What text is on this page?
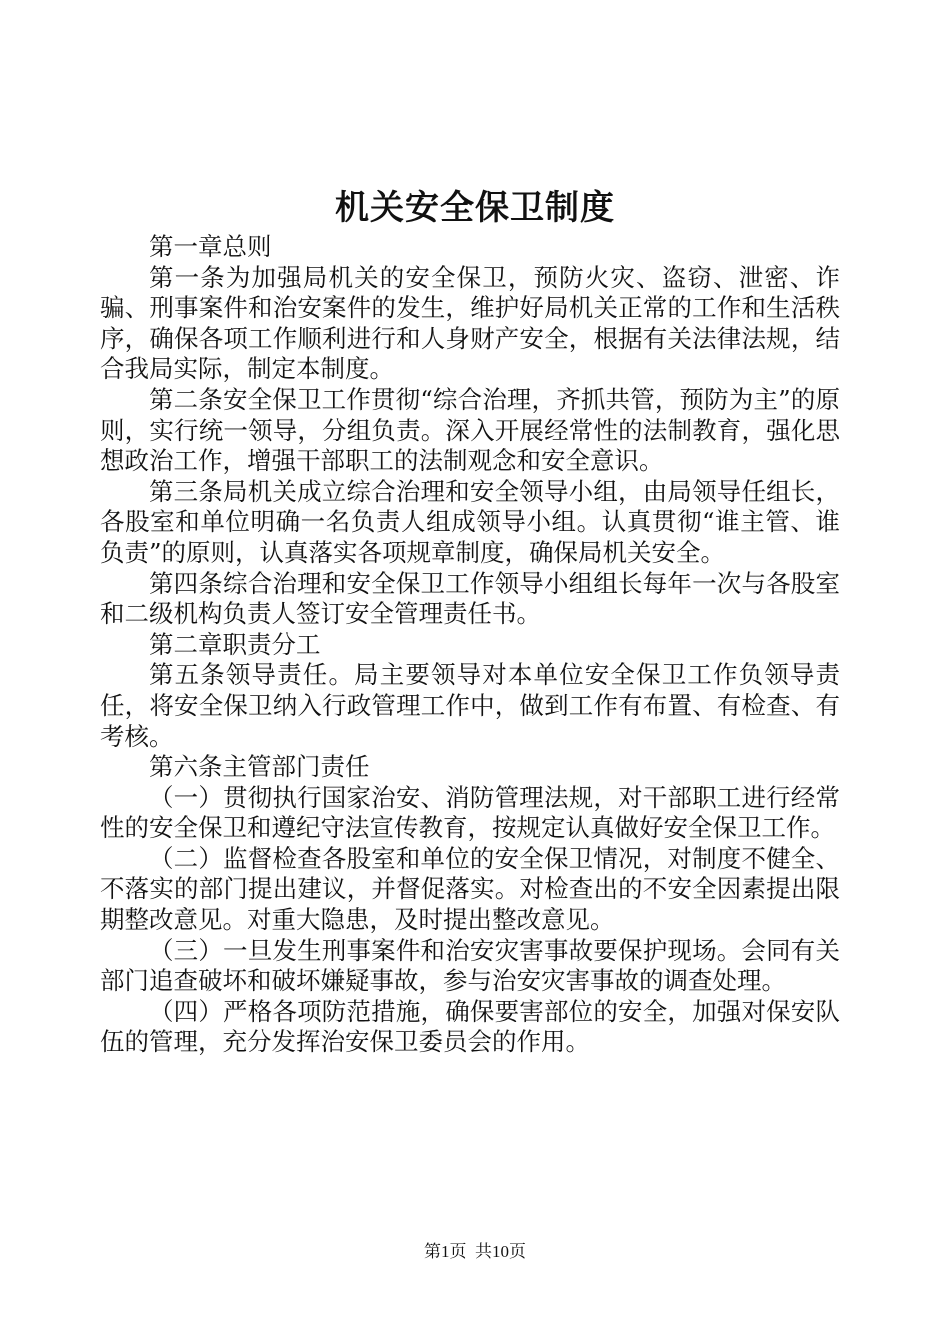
机关安全保卫制度

第一章总则

第一条为加强局机关的安全保卫，预防火灾、盗窃、泄密、诈骗、刑事案件和治安案件的发生，维护好局机关正常的工作和生活秩序，确保各项工作顺利进行和人身财产安全，根据有关法律法规，结合我局实际，制定本制度。

第二条安全保卫工作贯彻“综合治理，齐抓共管，预防为主”的原则，实行统一领导，分组负责。深入开展经常性的法制教育，强化思想政治工作，增强干部职工的法制观念和安全意识。

第三条局机关成立综合治理和安全领导小组，由局领导任组长，各股室和单位明确一名负责人组成领导小组。认真贯彻“谁主管、谁负责”的原则，认真落实各项规章制度，确保局机关安全。

第四条综合治理和安全保卫工作领导小组组长每年一次与各股室和二级机构负责人签订安全管理责任书。

第二章职责分工

第五条领导责任。局主要领导对本单位安全保卫工作负领导责任，将安全保卫纳入行政管理工作中，做到工作有布置、有检查、有考核。

第六条主管部门责任

（一）贯彻执行国家治安、消防管理法规，对干部职工进行经常性的安全保卫和遵纪守法宣传教育，按规定认真做好安全保卫工作。

（二）监督检查各股室和单位的安全保卫情况，对制度不健全、不落实的部门提出建议，并督促落实。对检查出的不安全因素提出限期整改意见。对重大隐患，及时提出整改意见。

（三）一旦发生刑事案件和治安灾害事故要保护现场。会同有关部门追查破坏和破坏嫌疑事故，参与治安灾害事故的调查处理。

（四）严格各项防范措施，确保要害部位的安全，加强对保安队伍的管理，充分发挥治安保卫委员会的作用。

第1页 共10页
